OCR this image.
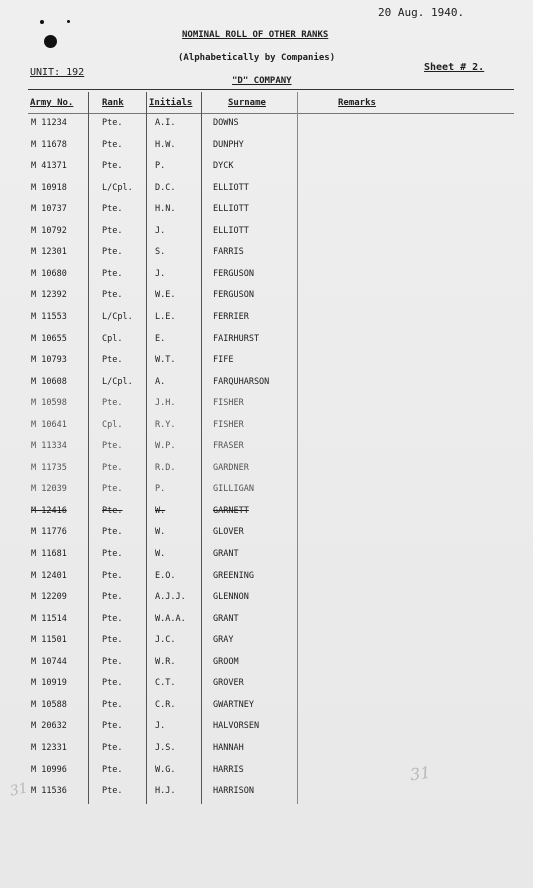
20 Aug. 1940.
NOMINAL ROLL OF OTHER RANKS
(Alphabetically by Companies)
"D" COMPANY
UNIT: 192	Sheet # 2.
Army No.	Rank	Initials	Surname	Remarks
M 11234	Pte.	A.I.	DOWNS
M 11678	Pte.	H.W.	DUNPHY
M 41371	Pte.	P.	DYCK
M 10918	L/Cpl.	D.C.	ELLIOTT
M 10737	Pte.	H.N.	ELLIOTT
M 10792	Pte.	J.	ELLIOTT
M 12301	Pte.	S.	FARRIS
M 10680	Pte.	J.	FERGUSON
M 12392	Pte.	W.E.	FERGUSON
M 11553	L/Cpl.	L.E.	FERRIER
M 10655	Cpl.	E.	FAIRHURST
M 10793	Pte.	W.T.	FIFE
M 10608	L/Cpl.	A.	FARQUHARSON
M 10598	Pte.	J.H.	FISHER
M 10641	Cpl.	R.Y.	FISHER
M 11334	Pte.	W.P.	FRASER
M 11735	Pte.	R.D.	GARDNER
M 12039	Pte.	P.	GILLIGAN
M 12416	Pte.	W.	GARNETT
M 11776	Pte.	W.	GLOVER
M 11681	Pte.	W.	GRANT
M 12401	Pte.	E.O.	GREENING
M 12209	Pte.	A.J.J.	GLENNON
M 11514	Pte.	W.A.A.	GRANT
M 11501	Pte.	J.C.	GRAY
M 10744	Pte.	W.R.	GROOM
M 10919	Pte.	C.T.	GROVER
M 10588	Pte.	C.R.	GWARTNEY
M 20632	Pte.	J.	HALVORSEN
M 12331	Pte.	J.S.	HANNAH
M 10996	Pte.	W.G.	HARRIS
M 11536	Pte.	H.J.	HARRISON
31
31
